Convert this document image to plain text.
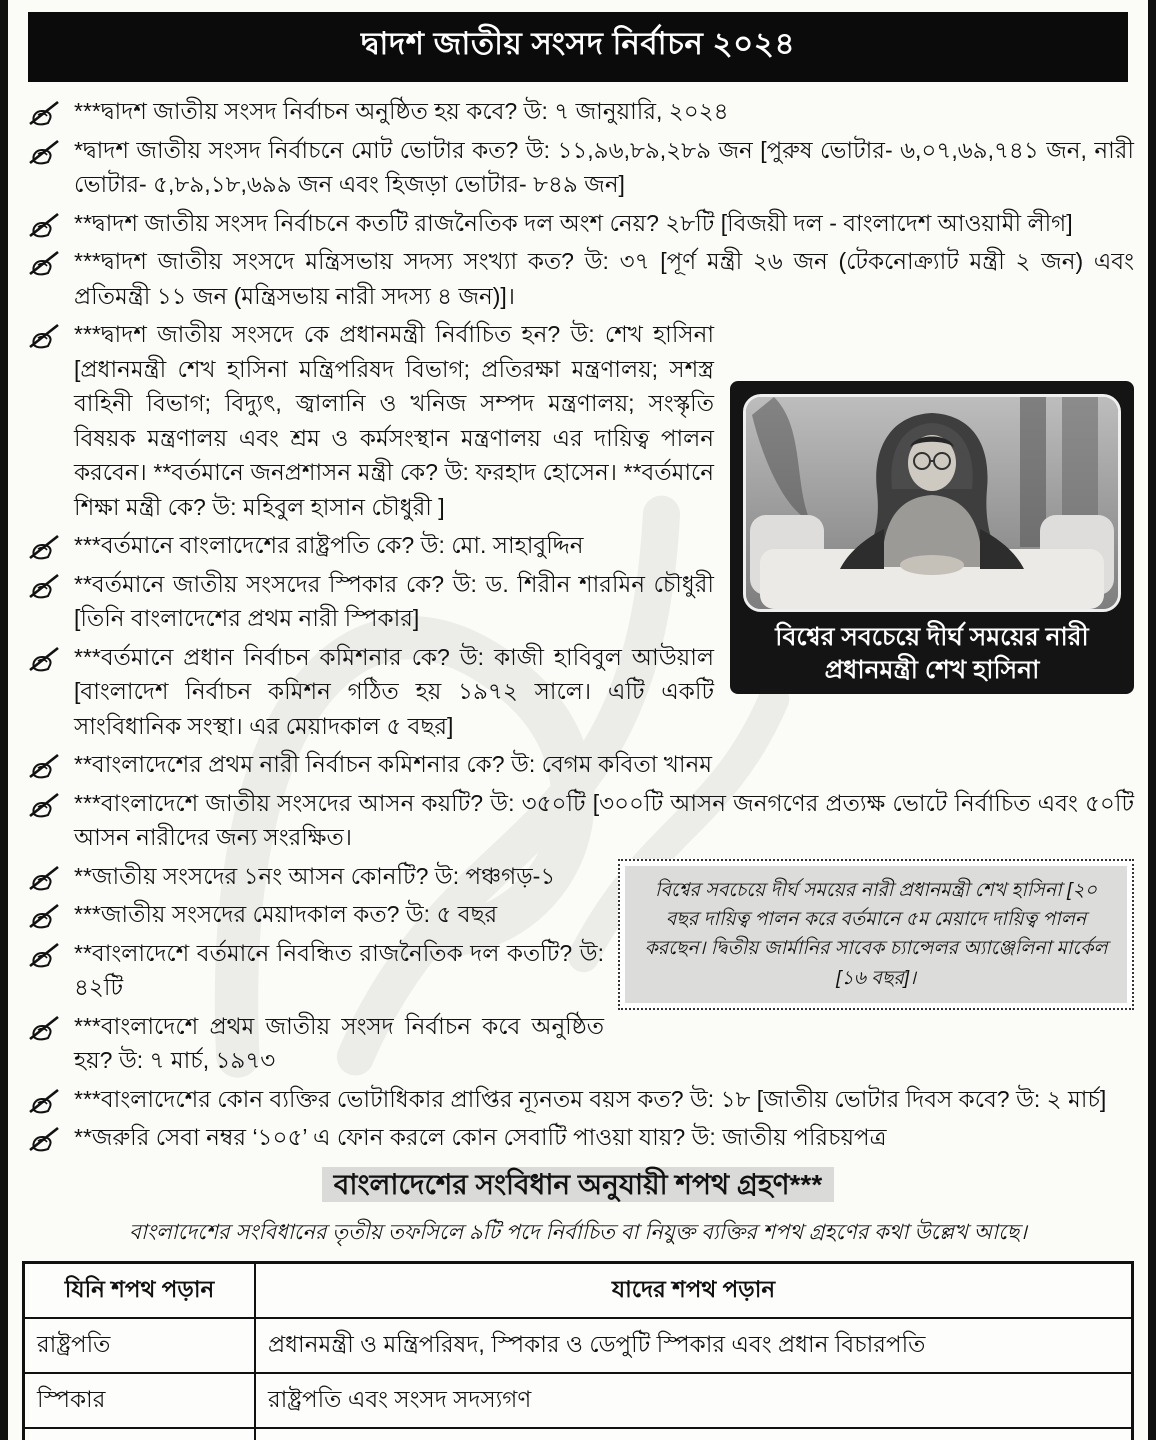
দ্বাদশ জাতীয় সংসদ নির্বাচন ২০২৪
***দ্বাদশ জাতীয় সংসদ নির্বাচন অনুষ্ঠিত হয় কবে? উ: ৭ জানুয়ারি, ২০২৪
*দ্বাদশ জাতীয় সংসদ নির্বাচনে মোট ভোটার কত? উ: ১১,৯৬,৮৯,২৮৯ জন [পুরুষ ভোটার- ৬,০৭,৬৯,৭৪১ জন, নারী ভোটার- ৫,৮৯,১৮,৬৯৯ জন এবং হিজড়া ভোটার- ৮৪৯ জন]
**দ্বাদশ জাতীয় সংসদ নির্বাচনে কতটি রাজনৈতিক দল অংশ নেয়? ২৮টি [বিজয়ী দল - বাংলাদেশ আওয়ামী লীগ]
***দ্বাদশ জাতীয় সংসদে মন্ত্রিসভায় সদস্য সংখ্যা কত? উ: ৩৭ [পূর্ণ মন্ত্রী ২৬ জন (টেকনোক্র্যাট মন্ত্রী ২ জন) এবং প্রতিমন্ত্রী ১১ জন (মন্ত্রিসভায় নারী সদস্য ৪ জন)]।
বিশ্বের সবচেয়ে দীর্ঘ সময়ের নারী প্রধানমন্ত্রী শেখ হাসিনা
***দ্বাদশ জাতীয় সংসদে কে প্রধানমন্ত্রী নির্বাচিত হন? উ: শেখ হাসিনা [প্রধানমন্ত্রী শেখ হাসিনা মন্ত্রিপরিষদ বিভাগ; প্রতিরক্ষা মন্ত্রণালয়; সশস্ত্র বাহিনী বিভাগ; বিদ্যুৎ, জ্বালানি ও খনিজ সম্পদ মন্ত্রণালয়; সংস্কৃতি বিষয়ক মন্ত্রণালয় এবং শ্রম ও কর্মসংস্থান মন্ত্রণালয় এর দায়িত্ব পালন করবেন। **বর্তমানে জনপ্রশাসন মন্ত্রী কে? উ: ফরহাদ হোসেন। **বর্তমানে শিক্ষা মন্ত্রী কে? উ: মহিবুল হাসান চৌধুরী ]
***বর্তমানে বাংলাদেশের রাষ্ট্রপতি কে? উ: মো. সাহাবুদ্দিন
**বর্তমানে জাতীয় সংসদের স্পিকার কে? উ: ড. শিরীন শারমিন চৌধুরী [তিনি বাংলাদেশের প্রথম নারী স্পিকার]
***বর্তমানে প্রধান নির্বাচন কমিশনার কে? উ: কাজী হাবিবুল আউয়াল [বাংলাদেশ নির্বাচন কমিশন গঠিত হয় ১৯৭২ সালে। এটি একটি সাংবিধানিক সংস্থা। এর মেয়াদকাল ৫ বছর]
**বাংলাদেশের প্রথম নারী নির্বাচন কমিশনার কে? উ: বেগম কবিতা খানম
***বাংলাদেশে জাতীয় সংসদের আসন কয়টি? উ: ৩৫০টি [৩০০টি আসন জনগণের প্রত্যক্ষ ভোটে নির্বাচিত এবং ৫০টি আসন নারীদের জন্য সংরক্ষিত।
বিশ্বের সবচেয়ে দীর্ঘ সময়ের নারী প্রধানমন্ত্রী শেখ হাসিনা [২০ বছর দায়িত্ব পালন করে বর্তমানে ৫ম মেয়াদে দায়িত্ব পালন করছেন। দ্বিতীয় জার্মানির সাবেক চ্যান্সেলর অ্যাঞ্জেলিনা মার্কেল [১৬ বছর]।
**জাতীয় সংসদের ১নং আসন কোনটি? উ: পঞ্চগড়-১
***জাতীয় সংসদের মেয়াদকাল কত? উ: ৫ বছর
**বাংলাদেশে বর্তমানে নিবন্ধিত রাজনৈতিক দল কতটি? উ: ৪২টি
***বাংলাদেশে প্রথম জাতীয় সংসদ নির্বাচন কবে অনুষ্ঠিত হয়? উ: ৭ মার্চ, ১৯৭৩
***বাংলাদেশের কোন ব্যক্তির ভোটাধিকার প্রাপ্তির ন্যূনতম বয়স কত? উ: ১৮ [জাতীয় ভোটার দিবস কবে? উ: ২ মার্চ]
**জরুরি সেবা নম্বর ‘১০৫’ এ ফোন করলে কোন সেবাটি পাওয়া যায়? উ: জাতীয় পরিচয়পত্র
বাংলাদেশের সংবিধান অনুযায়ী শপথ গ্রহণ***
বাংলাদেশের সংবিধানের তৃতীয় তফসিলে ৯টি পদে নির্বাচিত বা নিযুক্ত ব্যক্তির শপথ গ্রহণের কথা উল্লেখ আছে।
যিনি শপথ পড়ান	যাদের শপথ পড়ান
রাষ্ট্রপতি	প্রধানমন্ত্রী ও মন্ত্রিপরিষদ, স্পিকার ও ডেপুটি স্পিকার এবং প্রধান বিচারপতি
স্পিকার	রাষ্ট্রপতি এবং সংসদ সদস্যগণ
